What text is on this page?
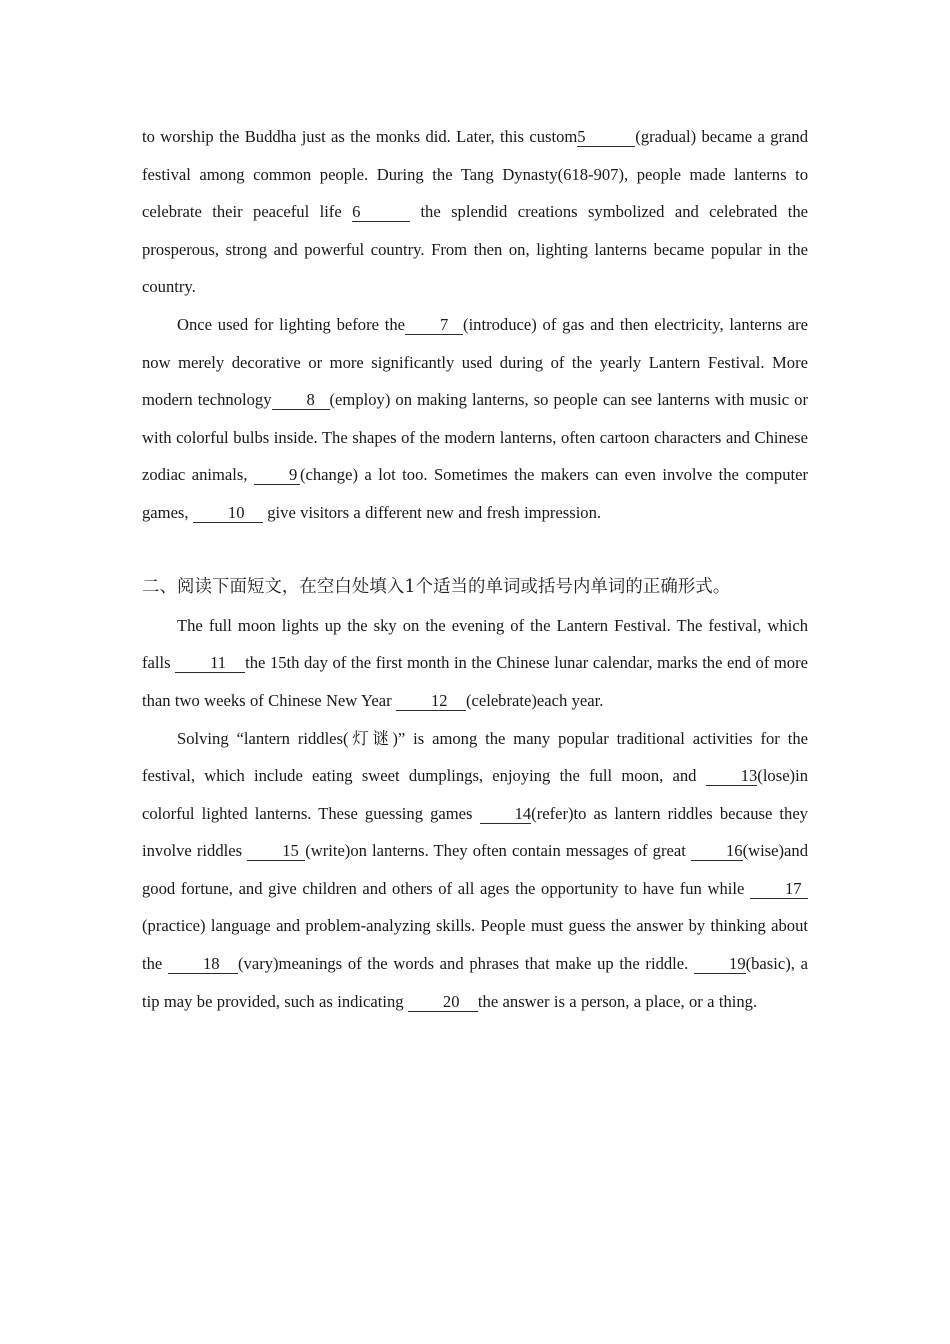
to worship the Buddha just as the monks did. Later, this custom5	(gradual) became a grand festival among common people. During the Tang Dynasty(618-907), people made lanterns to celebrate their peaceful life 6	the splendid creations symbolized and celebrated the prosperous, strong and powerful country. From then on, lighting lanterns became popular in the country.

Once used for lighting before the 7 (introduce) of gas and then electricity, lanterns are now merely decorative or more significantly used during of the yearly Lantern Festival. More modern technology 8 (employ) on making lanterns, so people can see lanterns with music or with colorful bulbs inside. The shapes of the modern lanterns, often cartoon characters and Chinese zodiac animals, 9 (change) a lot too. Sometimes the makers can even involve the computer games, 10 give visitors a different new and fresh impression.

二、阅读下面短文，在空白处填入1个适当的单词或括号内单词的正确形式。

The full moon lights up the sky on the evening of the Lantern Festival. The festival, which falls 11 the 15th day of the first month in the Chinese lunar calendar, marks the end of more than two weeks of Chinese New Year 12 (celebrate)each year.

Solving “lantern riddles(灯谜)” is among the many popular traditional activities for the festival, which include eating sweet dumplings, enjoying the full moon, and 13(lose)in colorful lighted lanterns. These guessing games 14(refer)to as lantern riddles because they involve riddles 15 (write)on lanterns. They often contain messages of great 16(wise)and good fortune, and give children and others of all ages the opportunity to have fun while 17(practice) language and problem-analyzing skills. People must guess the answer by thinking about the 18 (vary)meanings of the words and phrases that make up the riddle. 19(basic), a tip may be provided, such as indicating 20 the answer is a person, a place, or a thing.
